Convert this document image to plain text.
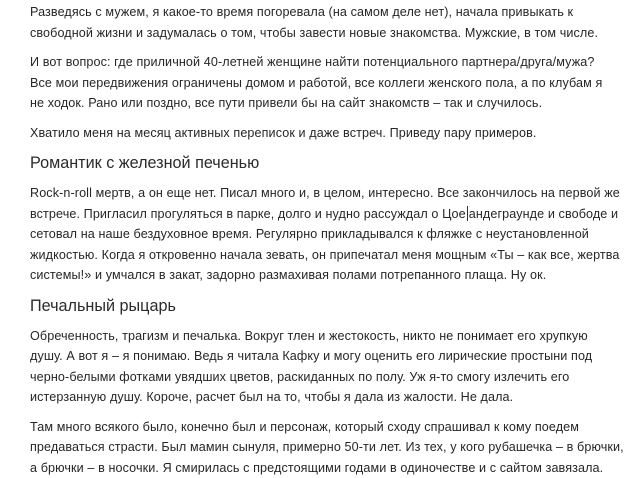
Разведясь с мужем, я какое-то время погоревала (на самом деле нет), начала привыкать к
свободной жизни и задумалась о том, чтобы завести новые знакомства. Мужские, в том числе.

И вот вопрос: где приличной 40-летней женщине найти потенциального партнера/друга/мужа?
Все мои передвижения ограничены домом и работой, все коллеги женского пола, а по клубам я
не ходок. Рано или поздно, все пути привели бы на сайт знакомств – так и случилось.

Хватило меня на месяц активных переписок и даже встреч. Приведу пару примеров.

Романтик с железной печенью

Rock-n-roll мертв, а он еще нет. Писал много и, в целом, интересно. Все закончилось на первой же
встрече. Пригласил прогуляться в парке, долго и нудно рассуждал о Цое андеграунде и свободе и
сетовал на наше бездуховное время. Регулярно прикладывался к фляжке с неустановленной
жидкостью. Когда я откровенно начала зевать, он припечатал меня мощным «Ты – как все, жертва
системы!» и умчался в закат, задорно размахивая полами потрепанного плаща. Ну ок.

Печальный рыцарь

Обреченность, трагизм и печалька. Вокруг тлен и жестокость, никто не понимает его хрупкую
душу. А вот я – я понимаю. Ведь я читала Кафку и могу оценить его лирические простыни под
черно-белыми фотками увядших цветов, раскиданных по полу. Уж я-то смогу излечить его
истерзанную душу. Короче, расчет был на то, чтобы я дала из жалости. Не дала.

Там много всякого было, конечно был и персонаж, который сходу спрашивал к кому поедем
предаваться страсти. Был мамин сынуля, примерно 50-ти лет. Из тех, у кого рубашечка – в брючки,
а брючки – в носочки. Я смирилась с предстоящими годами в одиночестве и с сайтом завязала.
